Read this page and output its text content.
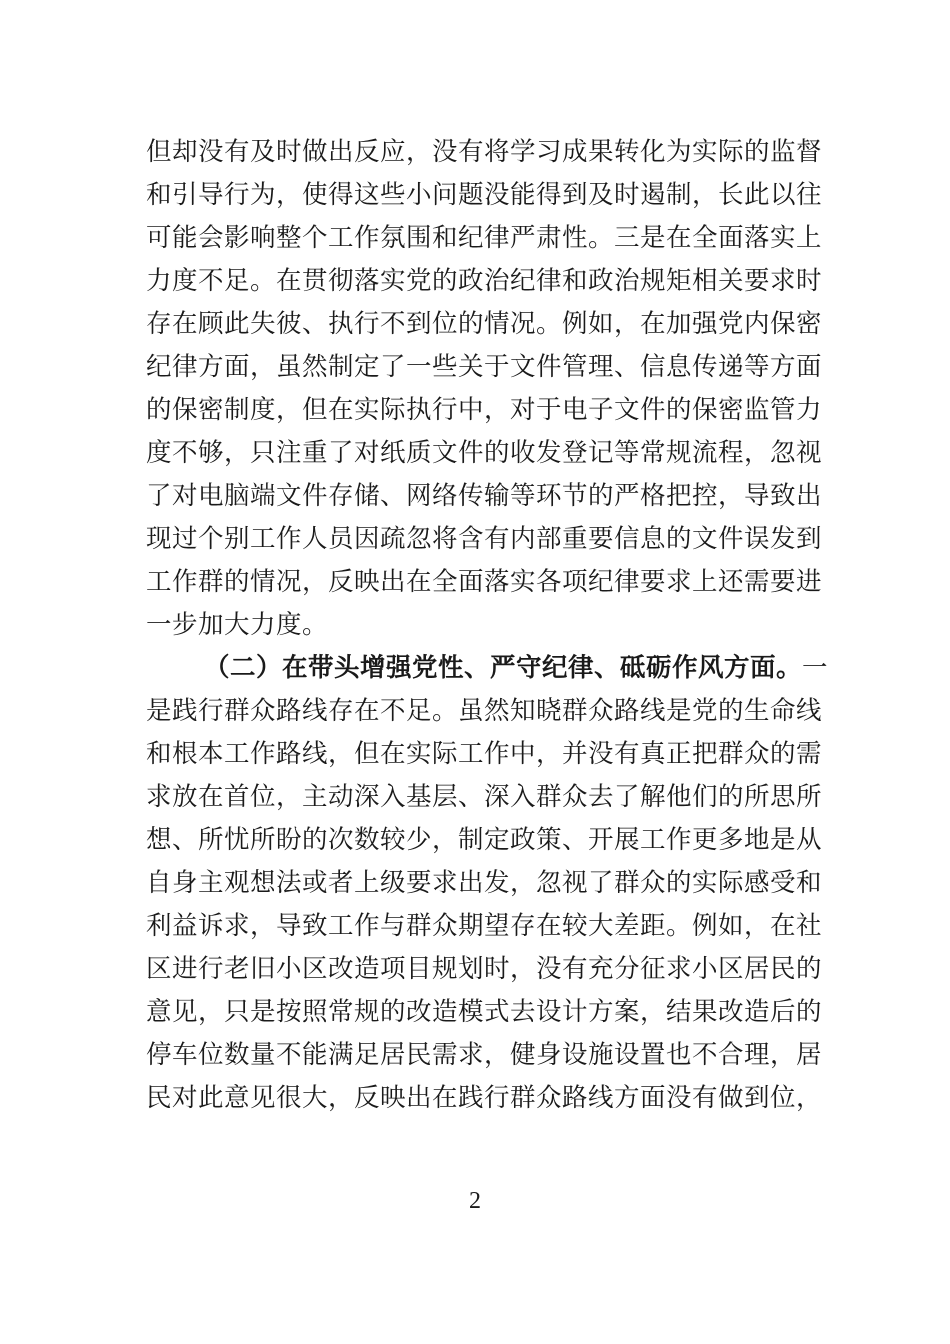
但却没有及时做出反应，没有将学习成果转化为实际的监督
和引导行为，使得这些小问题没能得到及时遏制，长此以往
可能会影响整个工作氛围和纪律严肃性。三是在全面落实上
力度不足。在贯彻落实党的政治纪律和政治规矩相关要求时
存在顾此失彼、执行不到位的情况。例如，在加强党内保密
纪律方面，虽然制定了一些关于文件管理、信息传递等方面
的保密制度，但在实际执行中，对于电子文件的保密监管力
度不够，只注重了对纸质文件的收发登记等常规流程，忽视
了对电脑端文件存储、网络传输等环节的严格把控，导致出
现过个别工作人员因疏忽将含有内部重要信息的文件误发到
工作群的情况，反映出在全面落实各项纪律要求上还需要进
一步加大力度。
（二）在带头增强党性、严守纪律、砥砺作风方面。一
是践行群众路线存在不足。虽然知晓群众路线是党的生命线
和根本工作路线，但在实际工作中，并没有真正把群众的需
求放在首位，主动深入基层、深入群众去了解他们的所思所
想、所忧所盼的次数较少，制定政策、开展工作更多地是从
自身主观想法或者上级要求出发，忽视了群众的实际感受和
利益诉求，导致工作与群众期望存在较大差距。例如，在社
区进行老旧小区改造项目规划时，没有充分征求小区居民的
意见，只是按照常规的改造模式去设计方案，结果改造后的
停车位数量不能满足居民需求，健身设施设置也不合理，居
民对此意见很大，反映出在践行群众路线方面没有做到位，
2
